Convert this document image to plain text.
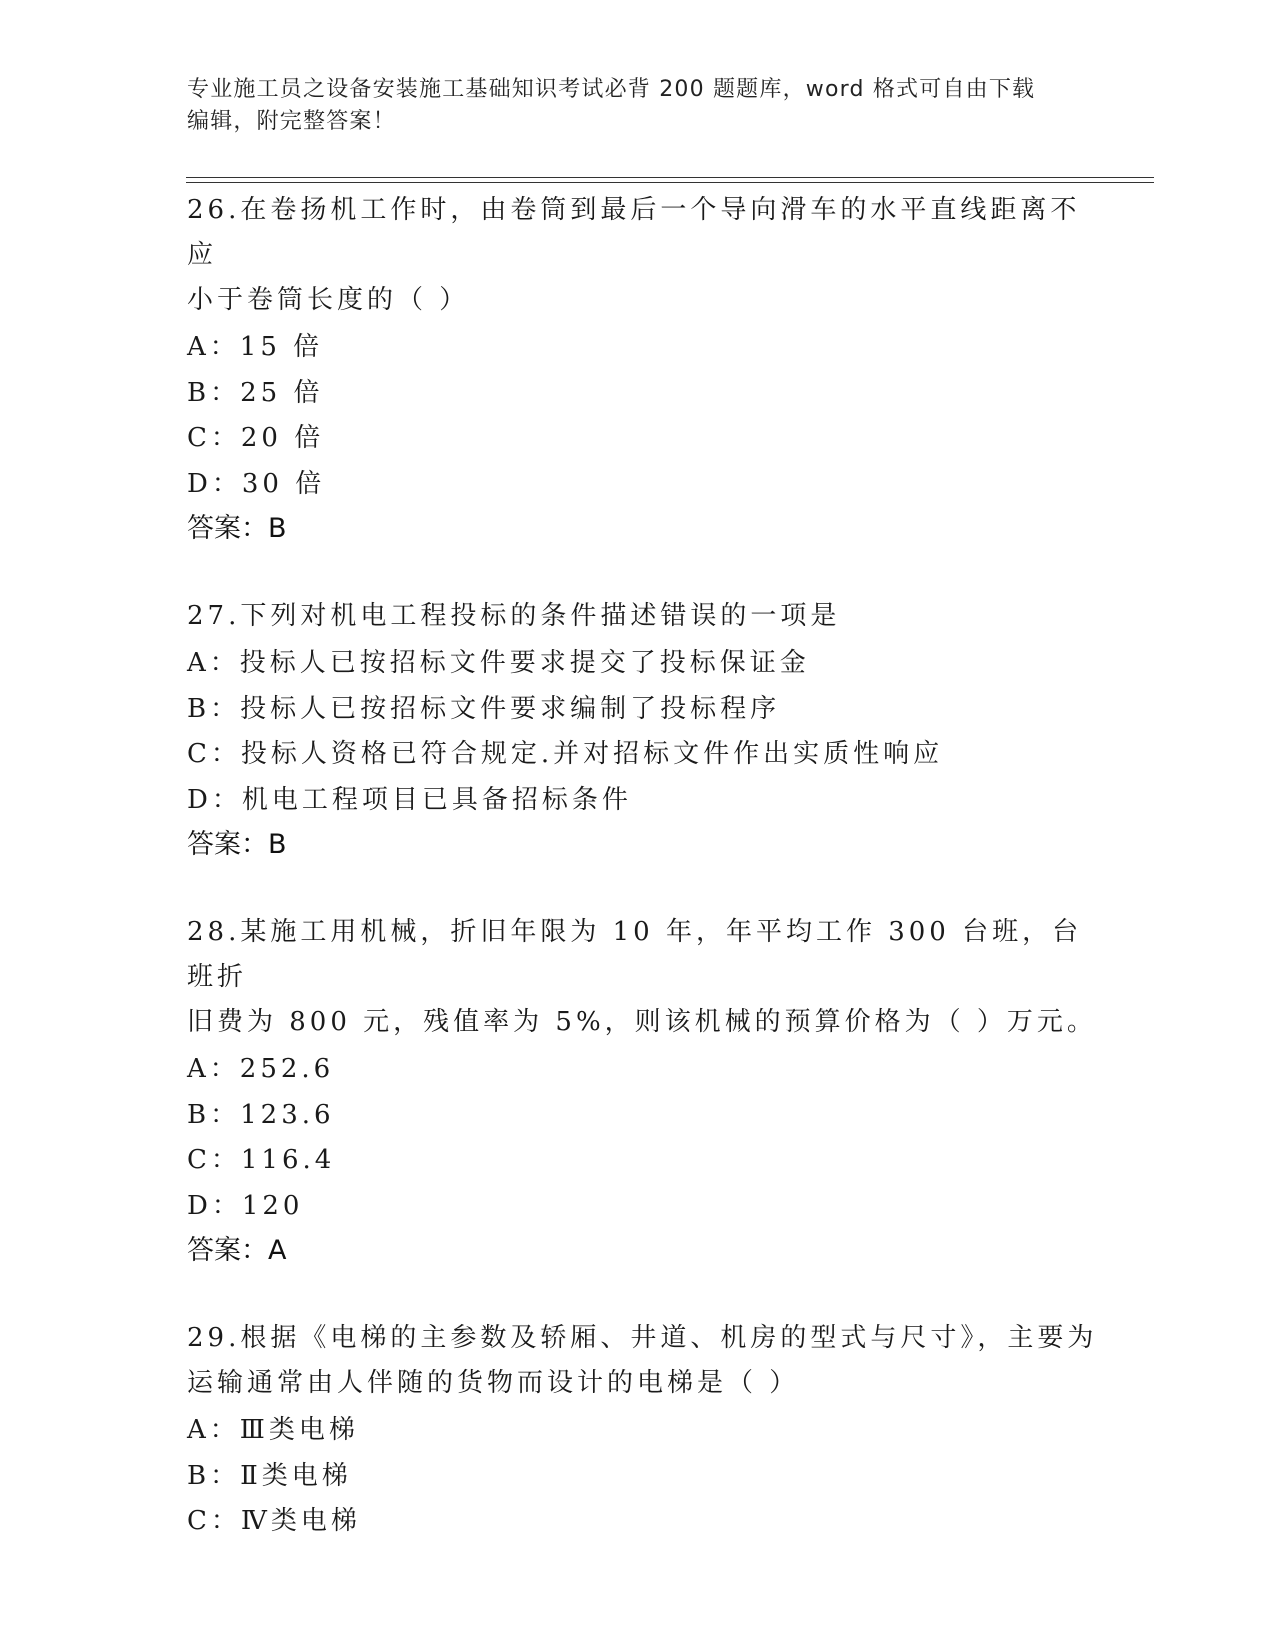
专业施工员之设备安装施工基础知识考试必背 200 题题库，word 格式可自由下载
编辑，附完整答案！
26.在卷扬机工作时，由卷筒到最后一个导向滑车的水平直线距离不应
小于卷筒长度的（ ）
A：15 倍
B：25 倍
C：20 倍
D：30 倍
答案：B
27.下列对机电工程投标的条件描述错误的一项是
A：投标人已按招标文件要求提交了投标保证金
B：投标人已按招标文件要求编制了投标程序
C：投标人资格已符合规定.并对招标文件作出实质性响应
D：机电工程项目已具备招标条件
答案：B
28.某施工用机械，折旧年限为 10 年，年平均工作 300 台班，台班折
旧费为 800 元，残值率为 5%，则该机械的预算价格为（ ）万元。
A：252.6
B：123.6
C：116.4
D：120
答案：A
29.根据《电梯的主参数及轿厢、井道、机房的型式与尺寸》，主要为
运输通常由人伴随的货物而设计的电梯是（ ）
A：Ⅲ类电梯
B：Ⅱ类电梯
C：Ⅳ类电梯
